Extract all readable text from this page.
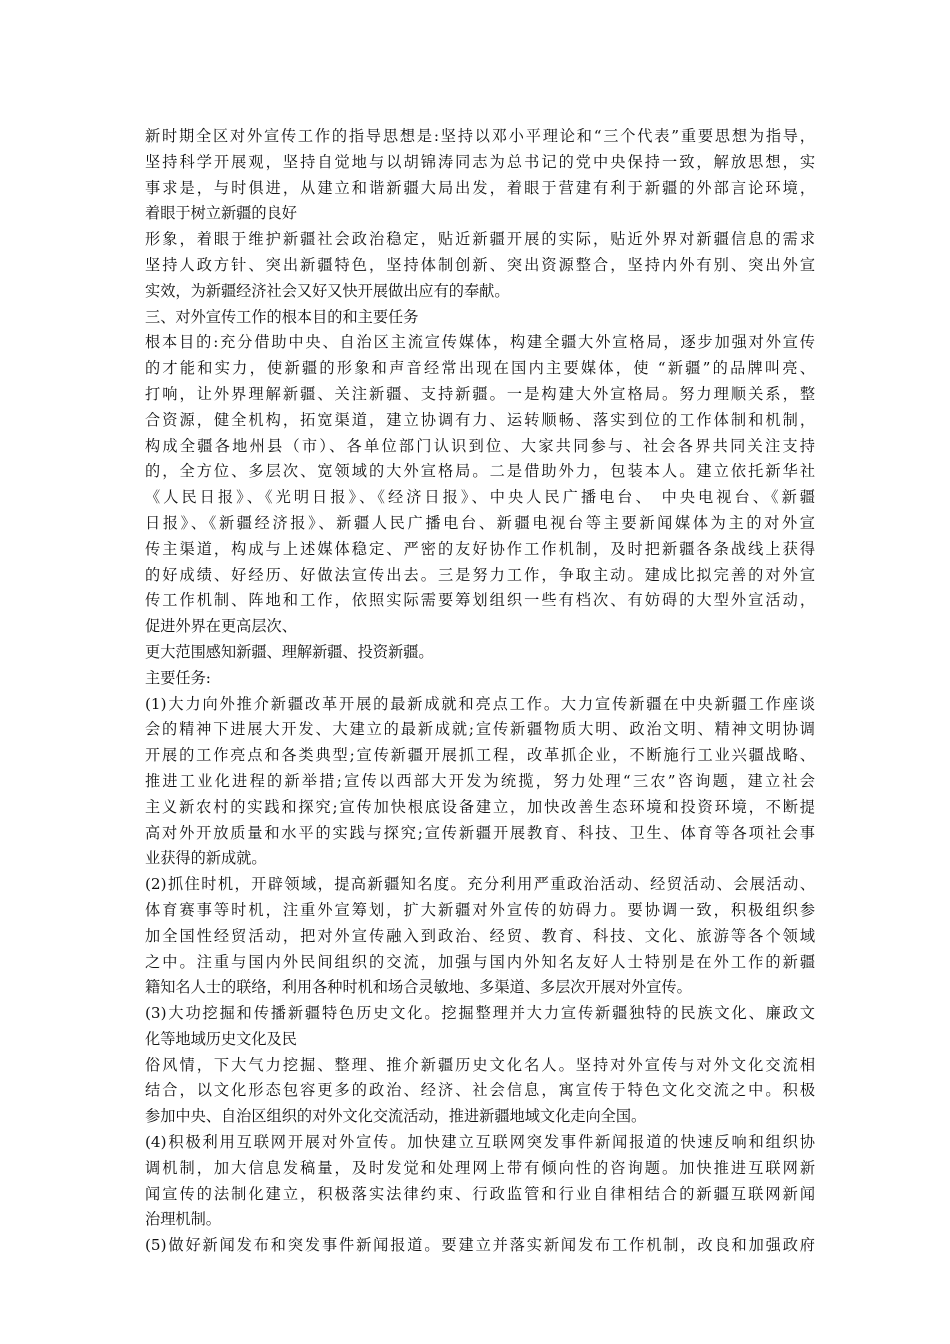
新时期全区对外宣传工作的指导思想是:坚持以邓小平理论和“三个代表”重要思想为指导，
坚持科学开展观，坚持自觉地与以胡锦涛同志为总书记的党中央保持一致，解放思想，实
事求是，与时俱进，从建立和谐新疆大局出发，着眼于营建有利于新疆的外部言论环境，
着眼于树立新疆的良好
形象，着眼于维护新疆社会政治稳定，贴近新疆开展的实际，贴近外界对新疆信息的需求
坚持人政方针、突出新疆特色，坚持体制创新、突出资源整合，坚持内外有别、突出外宣
实效，为新疆经济社会又好又快开展做出应有的奉献。
三、对外宣传工作的根本目的和主要任务
根本目的:充分借助中央、自治区主流宣传媒体，构建全疆大外宣格局，逐步加强对外宣传
的才能和实力，使新疆的形象和声音经常出现在国内主要媒体，使 “新疆”的品牌叫亮、
打响，让外界理解新疆、关注新疆、支持新疆。一是构建大外宣格局。努力理顺关系，整
合资源，健全机构，拓宽渠道，建立协调有力、运转顺畅、落实到位的工作体制和机制，
构成全疆各地州县（市）、各单位部门认识到位、大家共同参与、社会各界共同关注支持
的，全方位、多层次、宽领域的大外宣格局。二是借助外力，包装本人。建立依托新华社
《人民日报》、《光明日报》、《经济日报》、中央人民广播电台、 中央电视台、《新疆
日报》、《新疆经济报》、新疆人民广播电台、新疆电视台等主要新闻媒体为主的对外宣
传主渠道，构成与上述媒体稳定、严密的友好协作工作机制，及时把新疆各条战线上获得
的好成绩、好经历、好做法宣传出去。三是努力工作，争取主动。建成比拟完善的对外宣
传工作机制、阵地和工作，依照实际需要筹划组织一些有档次、有妨碍的大型外宣活动，
促进外界在更高层次、
更大范围感知新疆、理解新疆、投资新疆。
主要任务:
(1)大力向外推介新疆改革开展的最新成就和亮点工作。大力宣传新疆在中央新疆工作座谈
会的精神下进展大开发、大建立的最新成就;宣传新疆物质大明、政治文明、精神文明协调
开展的工作亮点和各类典型;宣传新疆开展抓工程，改革抓企业，不断施行工业兴疆战略、
推进工业化进程的新举措;宣传以西部大开发为统揽，努力处理“三农”咨询题，建立社会
主义新农村的实践和探究;宣传加快根底设备建立，加快改善生态环境和投资环境，不断提
高对外开放质量和水平的实践与探究;宣传新疆开展教育、科技、卫生、体育等各项社会事
业获得的新成就。
(2)抓住时机，开辟领域，提高新疆知名度。充分利用严重政治活动、经贸活动、会展活动、
体育赛事等时机，注重外宣筹划，扩大新疆对外宣传的妨碍力。要协调一致，积极组织参
加全国性经贸活动，把对外宣传融入到政治、经贸、教育、科技、文化、旅游等各个领域
之中。注重与国内外民间组织的交流，加强与国内外知名友好人士特别是在外工作的新疆
籍知名人士的联络，利用各种时机和场合灵敏地、多渠道、多层次开展对外宣传。
(3)大功挖掘和传播新疆特色历史文化。挖掘整理并大力宣传新疆独特的民族文化、廉政文
化等地域历史文化及民
俗风情，下大气力挖掘、整理、推介新疆历史文化名人。坚持对外宣传与对外文化交流相
结合，以文化形态包容更多的政治、经济、社会信息，寓宣传于特色文化交流之中。积极
参加中央、自治区组织的对外文化交流活动，推进新疆地域文化走向全国。
(4)积极利用互联网开展对外宣传。加快建立互联网突发事件新闻报道的快速反响和组织协
调机制，加大信息发稿量，及时发觉和处理网上带有倾向性的咨询题。加快推进互联网新
闻宣传的法制化建立，积极落实法律约束、行政监管和行业自律相结合的新疆互联网新闻
治理机制。
(5)做好新闻发布和突发事件新闻报道。要建立并落实新闻发布工作机制，改良和加强政府
